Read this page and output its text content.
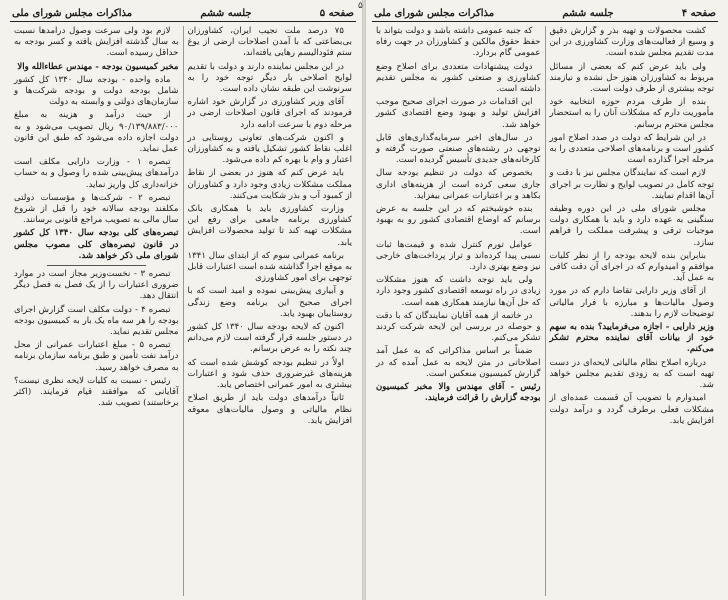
صفحه ۵
جلسه ششم
مذاکرات مجلس شورای ملی

۷۵ درصد ملت نجیب ایران، کشاورزان بی‌بضاعتی که با آمدن اصلاحات ارضی از یوغ ستم فئودالیسم رهایی یافته‌اند،

در این مجلس نماینده دارند و دولت با تقدیم لوایح اصلاحی بار دیگر توجه خود را به سرنوشت این طبقه نشان داده است.

آقای وزیر کشاورزی در گزارش خود اشاره فرمودند که اجرای قانون اصلاحات ارضی در مرحله دوم با سرعت ادامه دارد

و اکنون شرکت‌های تعاونی روستایی در اغلب نقاط کشور تشکیل یافته و به کشاورزان اعتبار و وام با بهره کم داده می‌شود.

باید عرض کنم که هنوز در بعضی از نقاط مملکت مشکلات زیادی وجود دارد و کشاورزان از کمبود آب و بذر شکایت می‌کنند.

وزارت کشاورزی باید با همکاری بانک کشاورزی برنامه جامعی برای رفع این مشکلات تهیه کند تا تولید محصولات افزایش یابد.

برنامه عمرانی سوم که از ابتدای سال ۱۳۴۱ به موقع اجرا گذاشته شده است اعتبارات قابل توجهی برای امور کشاورزی

و آبیاری پیش‌بینی نموده و امید است که با اجرای صحیح این برنامه وضع زندگی روستاییان بهبود یابد.

اکنون که لایحه بودجه سال ۱۳۴۰ کل کشور در دستور جلسه قرار گرفته است لازم می‌دانم چند نکته را به عرض برسانم.

اولاً در تنظیم بودجه کوشش شده است که هزینه‌های غیرضروری حذف شود و اعتبارات بیشتری به امور عمرانی اختصاص یابد.

ثانیاً درآمدهای دولت باید از طریق اصلاح نظام مالیاتی و وصول مالیات‌های معوقه افزایش یابد.

لازم بود ولی سرعت وصول درآمدها نسبت به سال گذشته افزایش یافته و کسر بودجه به حداقل رسیده است.

مخبر کمیسیون بودجه - مهندس عطاءالله والا

ماده واحده - بودجه سال ۱۳۴۰ کل کشور شامل بودجه دولت و بودجه شرکت‌ها و سازمان‌های دولتی و وابسته به دولت

از حیث درآمد و هزینه به مبلغ ۹۰/۱۳۹/۸۸۳/۰۰۰ ریال تصویب می‌شود و به دولت اجازه داده می‌شود که طبق این قانون عمل نماید.

تبصره ۱ - وزارت دارایی مکلف است درآمدهای پیش‌بینی شده را وصول و به حساب خزانه‌داری کل واریز نماید.

تبصره ۲ - شرکت‌ها و مؤسسات دولتی مکلفند بودجه سالانه خود را قبل از شروع سال مالی به تصویب مراجع قانونی برسانند.

تبصره‌های کلی بودجه سال ۱۳۴۰ کل کشور در قانون تبصره‌های کلی مصوب مجلس شورای ملی ذکر خواهد شد.

تبصره ۳ - نخست‌وزیر مجاز است در موارد ضروری اعتبارات را از یک فصل به فصل دیگر انتقال دهد.

تبصره ۴ - دولت مکلف است گزارش اجرای بودجه را هر سه ماه یک بار به کمیسیون بودجه مجلس تقدیم نماید.

تبصره ۵ - مبلغ اعتبارات عمرانی از محل درآمد نفت تأمین و طبق برنامه سازمان برنامه به مصرف خواهد رسید.

رئیس - نسبت به کلیات لایحه نظری نیست؟ آقایانی که موافقند قیام فرمایند. (اکثر برخاستند) تصویب شد.

۵
صفحه ۴
جلسه ششم
مذاکرات مجلس شورای ملی

کشت محصولات و تهیه بذر و گزارش دقیق و وسیع از فعالیت‌های وزارت کشاورزی در این مدت تقدیم مجلس شده است.

ولی باید عرض کنم که بعضی از مسائل مربوط به کشاورزان هنوز حل نشده و نیازمند توجه بیشتری از طرف دولت است.

بنده از طرف مردم حوزه انتخابیه خود مأموریت دارم که مشکلات آنان را به استحضار مجلس محترم برسانم.

در این شرایط که دولت در صدد اصلاح امور کشور است و برنامه‌های اصلاحی متعددی را به مرحله اجرا گذارده است

لازم است که نمایندگان مجلس نیز با دقت و توجه کامل در تصویب لوایح و نظارت بر اجرای آن‌ها اقدام نمایند.

مجلس شورای ملی در این دوره وظیفه سنگینی به عهده دارد و باید با همکاری دولت موجبات ترقی و پیشرفت مملکت را فراهم سازد.

بنابراین بنده لایحه بودجه را از نظر کلیات موافقم و امیدوارم که در اجرای آن دقت کافی به عمل آید.

از آقای وزیر دارایی تقاضا دارم که در مورد وصول مالیات‌ها و مبارزه با فرار مالیاتی توضیحات لازم را بدهند.

وزیر دارایی - اجازه می‌فرمایید؟ بنده به سهم خود از بیانات آقای نماینده محترم تشکر می‌کنم.

درباره اصلاح نظام مالیاتی لایحه‌ای در دست تهیه است که به زودی تقدیم مجلس خواهد شد.

امیدوارم با تصویب آن قسمت عمده‌ای از مشکلات فعلی برطرف گردد و درآمد دولت افزایش یابد.

که جنبه عمومی داشته باشد و دولت بتواند با حفظ حقوق مالکین و کشاورزان در جهت رفاه عمومی گام بردارد.

دولت پیشنهادات متعددی برای اصلاح وضع کشاورزی و صنعتی کشور به مجلس تقدیم داشته است.

این اقدامات در صورت اجرای صحیح موجب افزایش تولید و بهبود وضع اقتصادی کشور خواهد شد.

در سال‌های اخیر سرمایه‌گذاری‌های قابل توجهی در رشته‌های صنعتی صورت گرفته و کارخانه‌های جدیدی تأسیس گردیده است.

بخصوص که دولت در تنظیم بودجه سال جاری سعی کرده است از هزینه‌های اداری بکاهد و بر اعتبارات عمرانی بیفزاید.

بنده خوشبختم که در این جلسه به عرض برسانم که اوضاع اقتصادی کشور رو به بهبود است.

عوامل تورم کنترل شده و قیمت‌ها ثبات نسبی پیدا کرده‌اند و تراز پرداخت‌های خارجی نیز وضع بهتری دارد.

ولی باید توجه داشت که هنوز مشکلات زیادی در راه توسعه اقتصادی کشور وجود دارد که حل آن‌ها نیازمند همکاری همه است.

در خاتمه از همه آقایان نمایندگان که با دقت و حوصله در بررسی این لایحه شرکت کردند تشکر می‌کنم.

ضمناً بر اساس مذاکراتی که به عمل آمد اصلاحاتی در متن لایحه به عمل آمده که در گزارش کمیسیون منعکس است.

رئیس - آقای مهندس والا مخبر کمیسیون بودجه گزارش را قرائت فرمایند.
